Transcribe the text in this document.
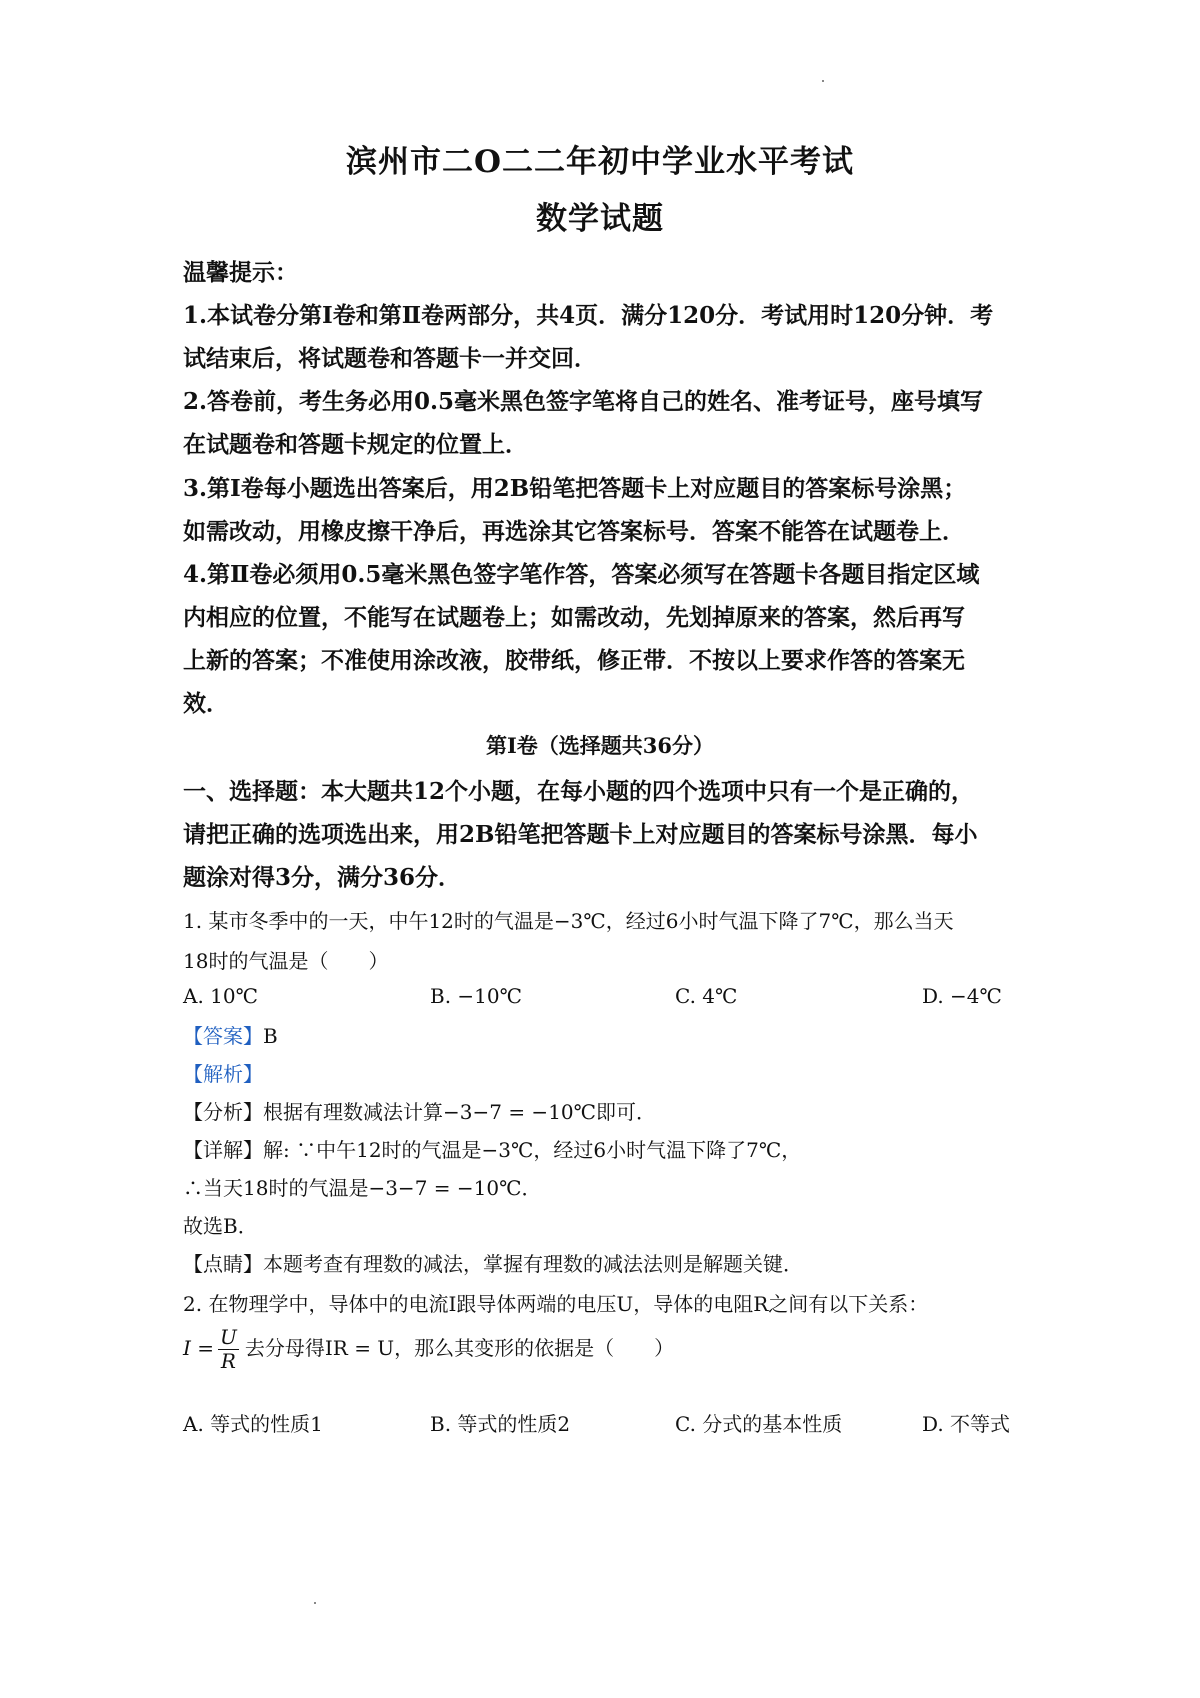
滨州市二O二二年初中学业水平考试
数学试题
温馨提示：
1.本试卷分第Ⅰ卷和第Ⅱ卷两部分，共4页．满分120分．考试用时120分钟．考
试结束后，将试题卷和答题卡一并交回．
2.答卷前，考生务必用0.5毫米黑色签字笔将自己的姓名、准考证号，座号填写
在试题卷和答题卡规定的位置上．
3.第Ⅰ卷每小题选出答案后，用2B铅笔把答题卡上对应题目的答案标号涂黑；
如需改动，用橡皮擦干净后，再选涂其它答案标号．答案不能答在试题卷上．
4.第Ⅱ卷必须用0.5毫米黑色签字笔作答，答案必须写在答题卡各题目指定区域
内相应的位置，不能写在试题卷上；如需改动，先划掉原来的答案，然后再写
上新的答案；不准使用涂改液，胶带纸，修正带．不按以上要求作答的答案无
效．
第Ⅰ卷（选择题共36分）
一、选择题：本大题共12个小题，在每小题的四个选项中只有一个是正确的，
请把正确的选项选出来，用2B铅笔把答题卡上对应题目的答案标号涂黑．每小
题涂对得3分，满分36分．
1. 某市冬季中的一天，中午12时的气温是−3℃，经过6小时气温下降了7℃，那么当天
18时的气温是（　　）
A. 10℃	B. −10℃	C. 4℃	D. −4℃
【答案】B
【解析】
【分析】根据有理数减法计算−3−7 = −10℃即可．
【详解】解: ∵中午12时的气温是−3℃，经过6小时气温下降了7℃，
∴当天18时的气温是−3−7 = −10℃．
故选B．
【点睛】本题考查有理数的减法，掌握有理数的减法法则是解题关键．
2. 在物理学中，导体中的电流Ⅰ跟导体两端的电压U，导体的电阻R之间有以下关系：
$I = \frac{U}{R}$ 去分母得IR = U，那么其变形的依据是（　　）
A. 等式的性质1	B. 等式的性质2	C. 分式的基本性质	D. 不等式
